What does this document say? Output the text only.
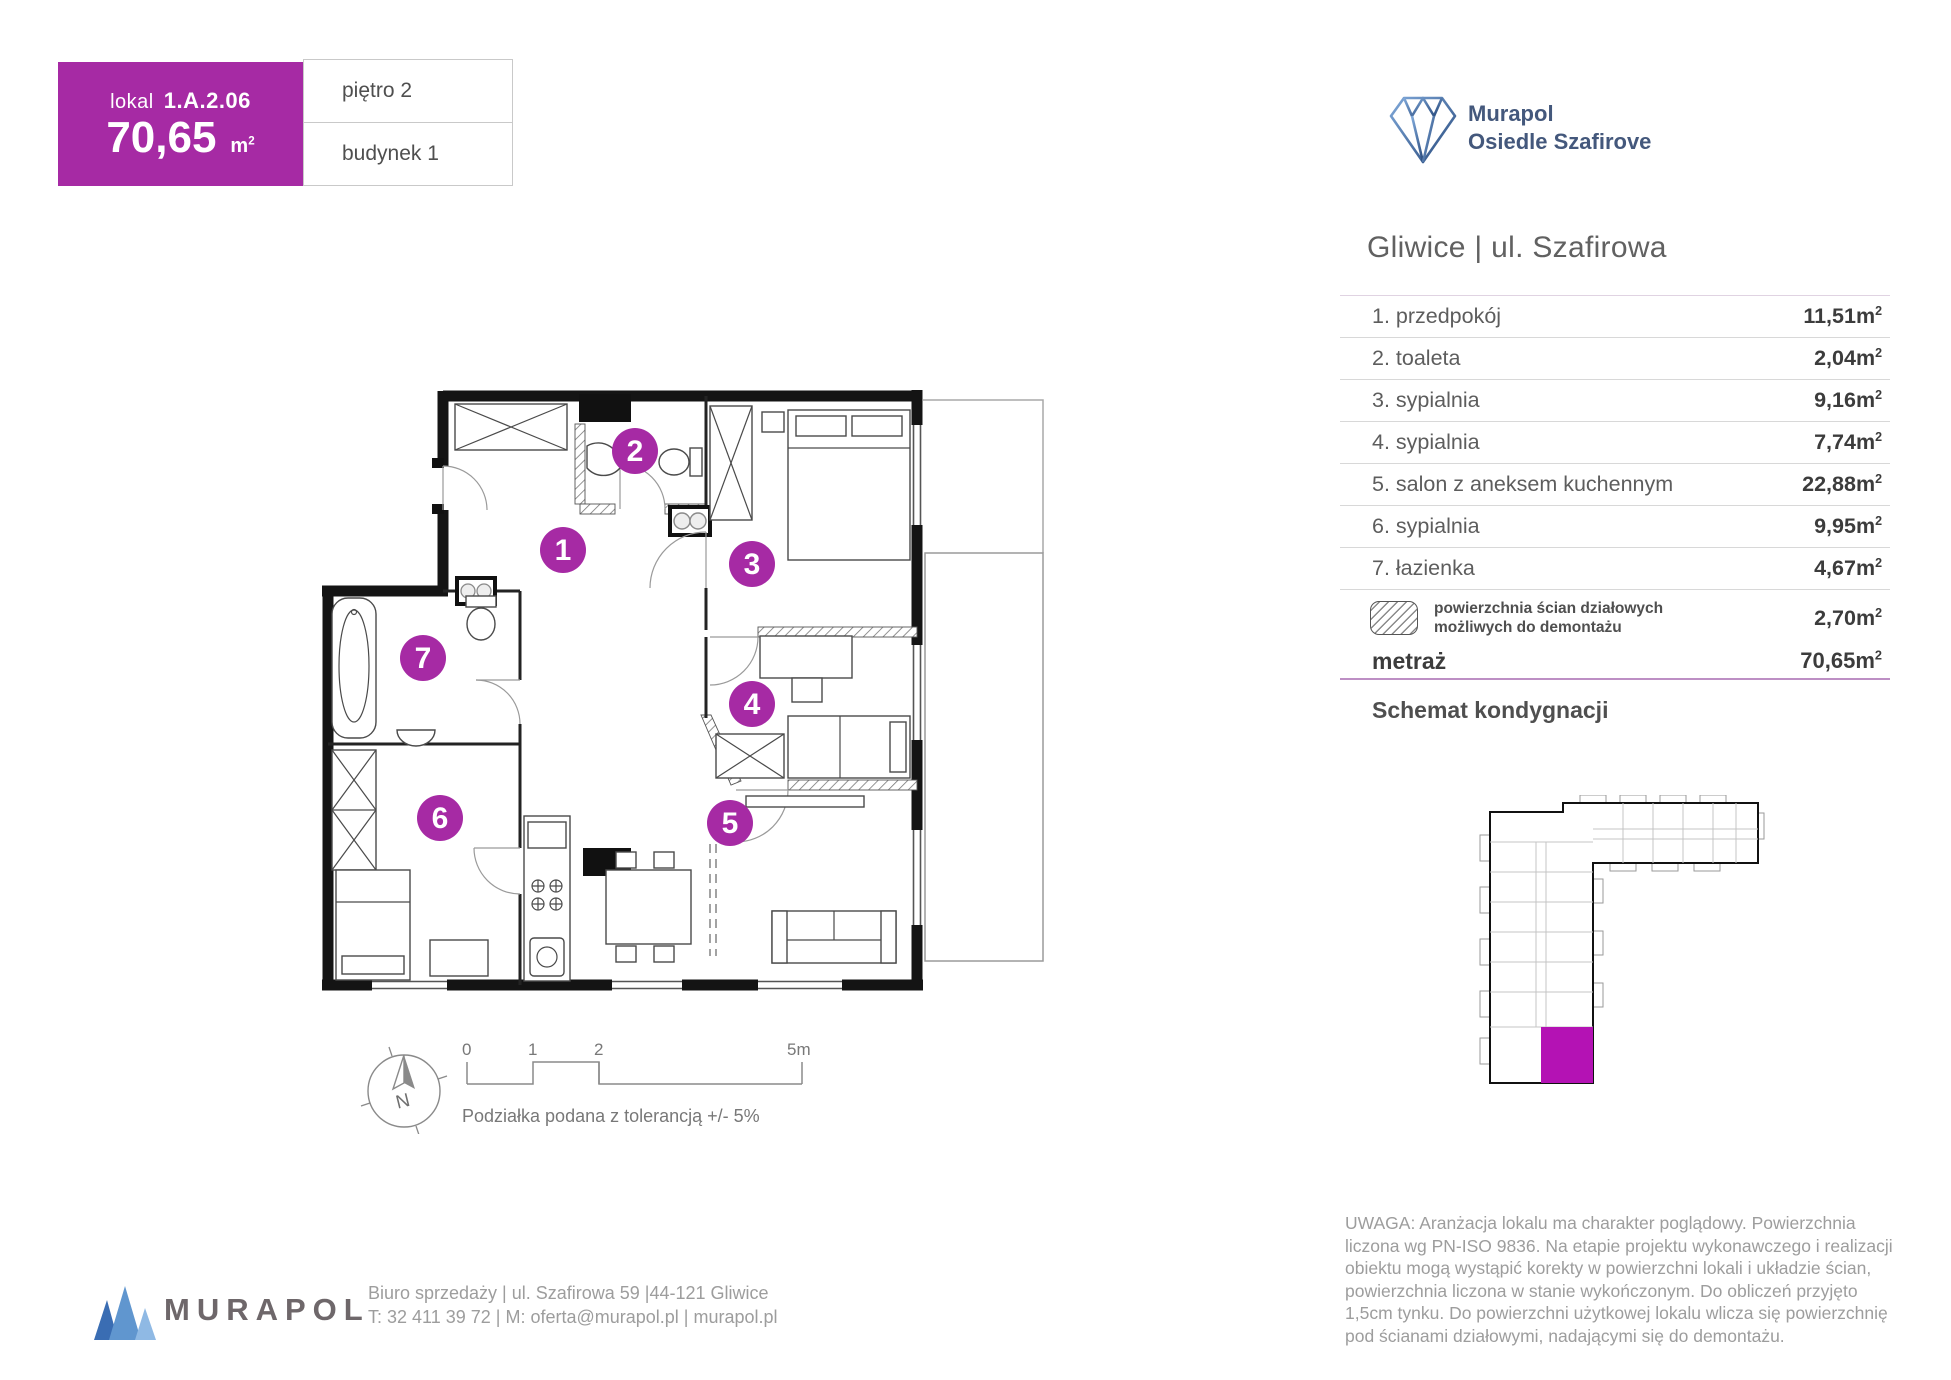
lokal 1.A.2.06
70,65 $m^2$
piętro 2
budynek 1
Murapol
Osiedle Szafirove
Gliwice | ul. Szafirowa
1. przedpokój	$11,51m^2$
2. toaleta	$2,04m^2$
3. sypialnia	$9,16m^2$
4. sypialnia	$7,74m^2$
5. salon z aneksem kuchennym	$22,88m^2$
6. sypialnia	$9,95m^2$
7. łazienka	$4,67m^2$
powierzchnia ścian działowych możliwych do demontażu	$2,70m^2$
metraż	$70,65m^2$
Schemat kondygnacji
1
2
3
4
5
6
7
N
0	1	2	5m
Podziałka podana z tolerancją +/- 5%
MURAPOL
Biuro sprzedaży | ul. Szafirowa 59 |44-121 Gliwice
T: 32 411 39 72 | M: oferta@murapol.pl | murapol.pl
UWAGA: Aranżacja lokalu ma charakter poglądowy. Powierzchnia liczona wg PN-ISO 9836. Na etapie projektu wykonawczego i realizacji obiektu mogą wystąpić korekty w powierzchni lokali i układzie ścian, powierzchnia liczona w stanie wykończonym. Do obliczeń przyjęto 1,5cm tynku. Do powierzchni użytkowej lokalu wlicza się powierzchnię pod ścianami działowymi, nadającymi się do demontażu.
